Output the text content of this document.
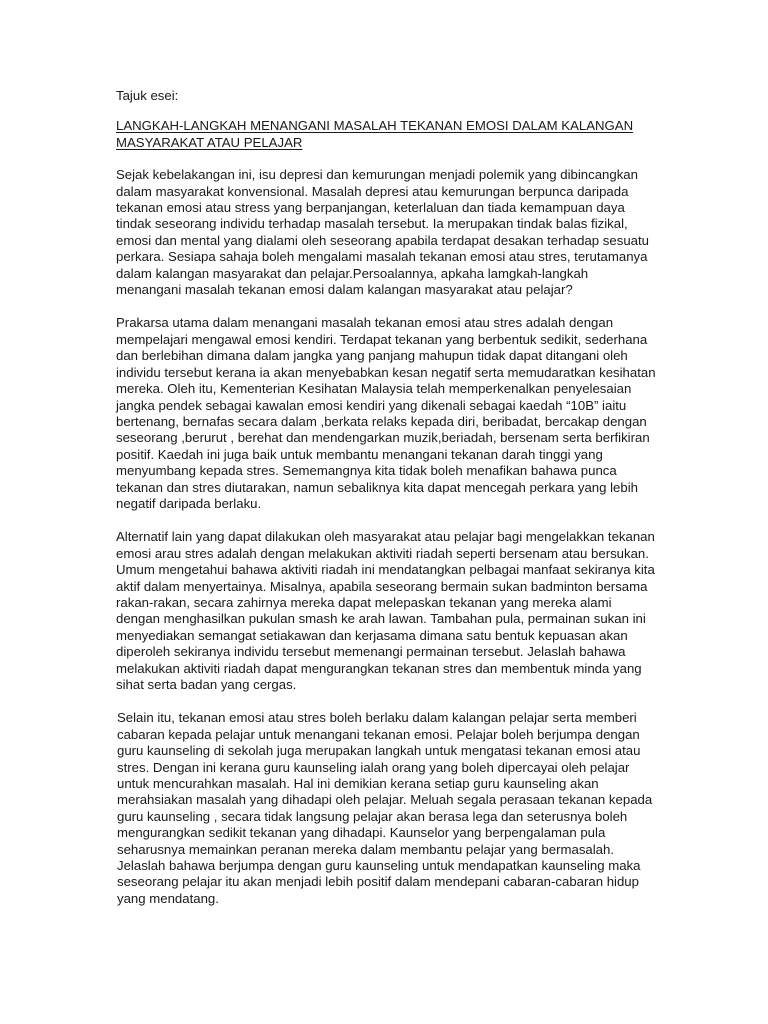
Tajuk esei:

LANGKAH-LANGKAH MENANGANI MASALAH TEKANAN EMOSI DALAM KALANGAN MASYARAKAT ATAU PELAJAR

Sejak kebelakangan ini, isu depresi dan kemurungan menjadi polemik yang dibincangkan dalam masyarakat konvensional. Masalah depresi atau kemurungan berpunca daripada tekanan emosi atau stress yang berpanjangan, keterlaluan dan tiada kemampuan daya tindak seseorang individu terhadap masalah tersebut. Ia merupakan tindak balas fizikal, emosi dan mental yang dialami oleh seseorang apabila terdapat desakan terhadap sesuatu perkara. Sesiapa sahaja boleh mengalami masalah tekanan emosi atau stres, terutamanya dalam kalangan masyarakat dan pelajar.Persoalannya, apkaha lamgkah-langkah menangani masalah tekanan emosi dalam kalangan masyarakat atau pelajar?

Prakarsa utama dalam menangani masalah tekanan emosi atau stres adalah dengan mempelajari mengawal emosi kendiri. Terdapat tekanan yang berbentuk sedikit, sederhana dan berlebihan dimana dalam jangka yang panjang mahupun tidak dapat ditangani oleh individu tersebut kerana ia akan menyebabkan kesan negatif serta memudaratkan kesihatan mereka. Oleh itu, Kementerian Kesihatan Malaysia telah memperkenalkan penyelesaian jangka pendek sebagai kawalan emosi kendiri yang dikenali sebagai kaedah “10B” iaitu bertenang, bernafas secara dalam ,berkata relaks kepada diri, beribadat, bercakap dengan seseorang ,berurut , berehat dan mendengarkan muzik,beriadah, bersenam serta berfikiran positif. Kaedah ini juga baik untuk membantu menangani tekanan darah tinggi yang menyumbang kepada stres. Sememangnya kita tidak boleh menafikan bahawa punca tekanan dan stres diutarakan, namun sebaliknya kita dapat mencegah perkara yang lebih negatif daripada berlaku.

Alternatif lain yang dapat dilakukan oleh masyarakat atau pelajar bagi mengelakkan tekanan emosi arau stres adalah dengan melakukan aktiviti riadah seperti bersenam atau bersukan. Umum mengetahui bahawa aktiviti riadah ini mendatangkan pelbagai manfaat sekiranya kita aktif dalam menyertainya. Misalnya, apabila seseorang bermain sukan badminton bersama rakan-rakan, secara zahirnya mereka dapat melepaskan tekanan yang mereka alami dengan menghasilkan pukulan smash ke arah lawan. Tambahan pula, permainan sukan ini menyediakan semangat setiakawan dan kerjasama dimana satu bentuk kepuasan akan diperoleh sekiranya individu tersebut memenangi permainan tersebut. Jelaslah bahawa melakukan aktiviti riadah dapat mengurangkan tekanan stres dan membentuk minda yang sihat serta badan yang cergas.

Selain itu, tekanan emosi atau stres boleh berlaku dalam kalangan pelajar serta memberi cabaran kepada pelajar untuk menangani tekanan emosi. Pelajar boleh berjumpa dengan guru kaunseling di sekolah juga merupakan langkah untuk mengatasi tekanan emosi atau stres. Dengan ini kerana guru kaunseling ialah orang yang boleh dipercayai oleh pelajar untuk mencurahkan masalah. Hal ini demikian kerana setiap guru kaunseling akan merahsiakan masalah yang dihadapi oleh pelajar. Meluah segala perasaan tekanan kepada guru kaunseling , secara tidak langsung pelajar akan berasa lega dan seterusnya boleh mengurangkan sedikit tekanan yang dihadapi. Kaunselor yang berpengalaman pula seharusnya memainkan peranan mereka dalam membantu pelajar yang bermasalah. Jelaslah bahawa berjumpa dengan guru kaunseling untuk mendapatkan kaunseling maka seseorang pelajar itu akan menjadi lebih positif dalam mendepani cabaran-cabaran hidup yang mendatang.
